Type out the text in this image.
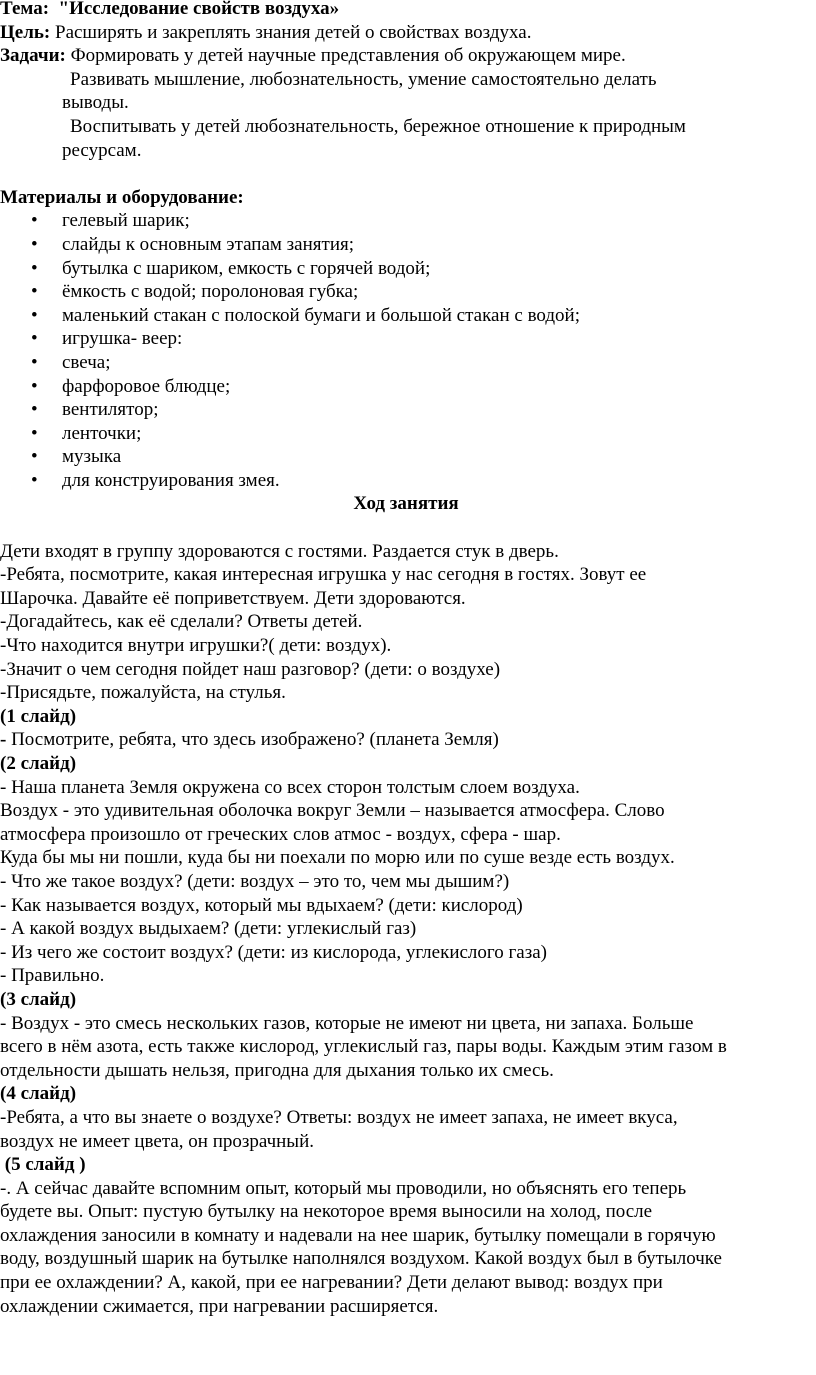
Тема: "Исследование свойств воздуха»
Цель: Расширять и закреплять знания детей о свойствах воздуха.
Задачи: Формировать у детей научные представления об окружающем мире.
Развивать мышление, любознательность, умение самостоятельно делать
выводы.
Воспитывать у детей любознательность, бережное отношение к природным
ресурсам.
Материалы и оборудование:
• гелевый шарик;
• слайды к основным этапам занятия;
• бутылка с шариком, емкость с горячей водой;
• ёмкость с водой; поролоновая губка;
• маленький стакан с полоской бумаги и большой стакан с водой;
• игрушка- веер:
• свеча;
• фарфоровое блюдце;
• вентилятор;
• ленточки;
• музыка
• для конструирования змея.
Ход занятия
Дети входят в группу здороваются с гостями. Раздается стук в дверь.
-Ребята, посмотрите, какая интересная игрушка у нас сегодня в гостях. Зовут ее
Шарочка. Давайте её поприветствуем. Дети здороваются.
-Догадайтесь, как её сделали? Ответы детей.
-Что находится внутри игрушки?( дети: воздух).
-Значит о чем сегодня пойдет наш разговор? (дети: о воздухе)
-Присядьте, пожалуйста, на стулья.
(1 слайд)
- Посмотрите, ребята, что здесь изображено? (планета Земля)
(2 слайд)
- Наша планета Земля окружена со всех сторон толстым слоем воздуха.
Воздух - это удивительная оболочка вокруг Земли – называется атмосфера. Слово
атмосфера произошло от греческих слов атмос - воздух, сфера - шар.
Куда бы мы ни пошли, куда бы ни поехали по морю или по суше везде есть воздух.
- Что же такое воздух? (дети: воздух – это то, чем мы дышим?)
- Как называется воздух, который мы вдыхаем? (дети: кислород)
- А какой воздух выдыхаем? (дети: углекислый газ)
- Из чего же состоит воздух? (дети: из кислорода, углекислого газа)
- Правильно.
(3 слайд)
- Воздух - это смесь нескольких газов, которые не имеют ни цвета, ни запаха. Больше
всего в нём азота, есть также кислород, углекислый газ, пары воды. Каждым этим газом в
отдельности дышать нельзя, пригодна для дыхания только их смесь.
(4 слайд)
-Ребята, а что вы знаете о воздухе? Ответы: воздух не имеет запаха, не имеет вкуса,
воздух не имеет цвета, он прозрачный.
(5 слайд )
-. А сейчас давайте вспомним опыт, который мы проводили, но объяснять его теперь
будете вы. Опыт: пустую бутылку на некоторое время выносили на холод, после
охлаждения заносили в комнату и надевали на нее шарик, бутылку помещали в горячую
воду, воздушный шарик на бутылке наполнялся воздухом. Какой воздух был в бутылочке
при ее охлаждении? А, какой, при ее нагревании? Дети делают вывод: воздух при
охлаждении сжимается, при нагревании расширяется.
